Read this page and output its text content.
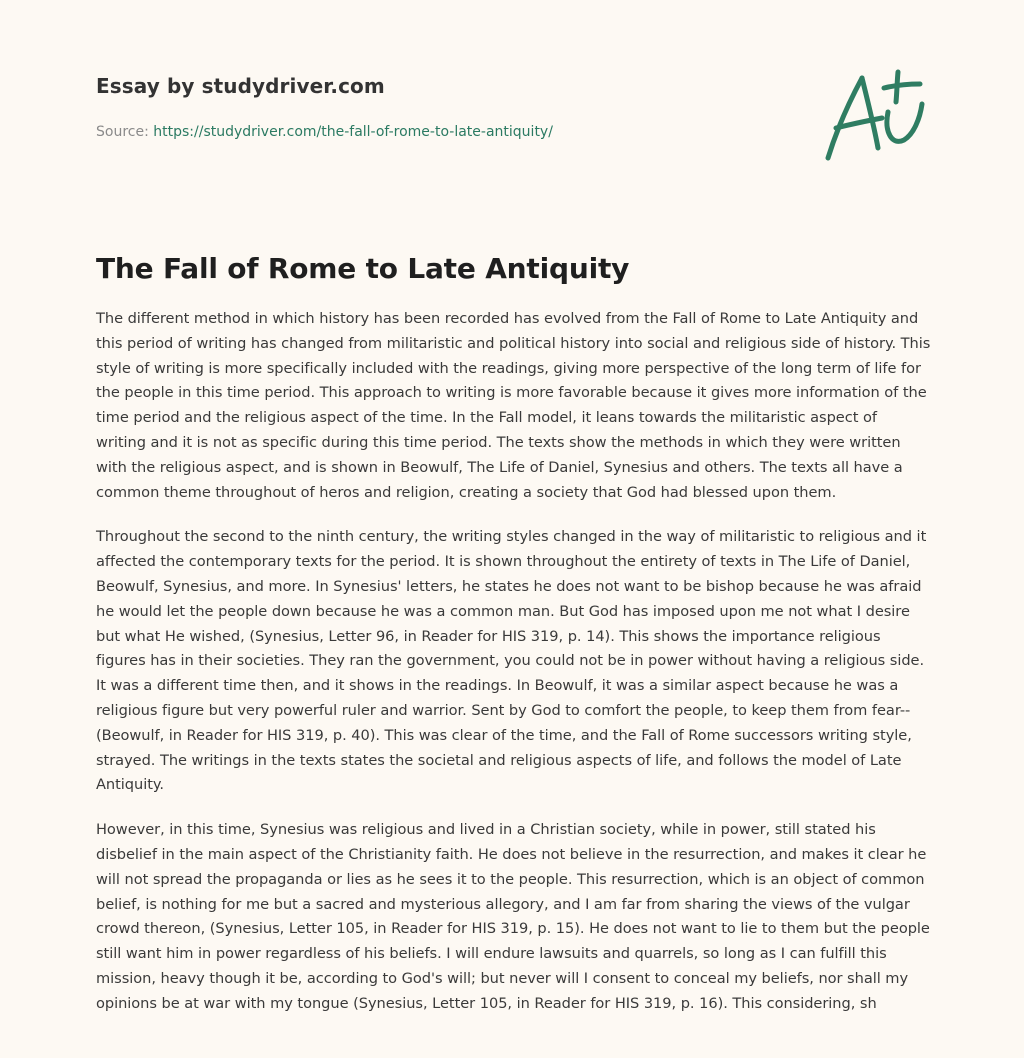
Essay by studydriver.com
Source: https://studydriver.com/the-fall-of-rome-to-late-antiquity/
The Fall of Rome to Late Antiquity

The different method in which history has been recorded has evolved from the Fall of Rome to Late Antiquity and this period of writing has changed from militaristic and political history into social and religious side of history. This style of writing is more specifically included with the readings, giving more perspective of the long term of life for the people in this time period. This approach to writing is more favorable because it gives more information of the time period and the religious aspect of the time. In the Fall model, it leans towards the militaristic aspect of writing and it is not as specific during this time period. The texts show the methods in which they were written with the religious aspect, and is shown in Beowulf, The Life of Daniel, Synesius and others. The texts all have a common theme throughout of heros and religion, creating a society that God had blessed upon them.

Throughout the second to the ninth century, the writing styles changed in the way of militaristic to religious and it affected the contemporary texts for the period. It is shown throughout the entirety of texts in The Life of Daniel, Beowulf, Synesius, and more. In Synesius' letters, he states he does not want to be bishop because he was afraid he would let the people down because he was a common man. But God has imposed upon me not what I desire but what He wished, (Synesius, Letter 96, in Reader for HIS 319, p. 14). This shows the importance religious figures has in their societies. They ran the government, you could not be in power without having a religious side. It was a different time then, and it shows in the readings. In Beowulf, it was a similar aspect because he was a religious figure but very powerful ruler and warrior. Sent by God to comfort the people, to keep them from fear-- (Beowulf, in Reader for HIS 319, p. 40). This was clear of the time, and the Fall of Rome successors writing style, strayed. The writings in the texts states the societal and religious aspects of life, and follows the model of Late Antiquity.

However, in this time, Synesius was religious and lived in a Christian society, while in power, still stated his disbelief in the main aspect of the Christianity faith. He does not believe in the resurrection, and makes it clear he will not spread the propaganda or lies as he sees it to the people. This resurrection, which is an object of common belief, is nothing for me but a sacred and mysterious allegory, and I am far from sharing the views of the vulgar crowd thereon, (Synesius, Letter 105, in Reader for HIS 319, p. 15). He does not want to lie to them but the people still want him in power regardless of his beliefs. I will endure lawsuits and quarrels, so long as I can fulfill this mission, heavy though it be, according to God's will; but never will I consent to conceal my beliefs, nor shall my opinions be at war with my tongue (Synesius, Letter 105, in Reader for HIS 319, p. 16). This considering, sh
